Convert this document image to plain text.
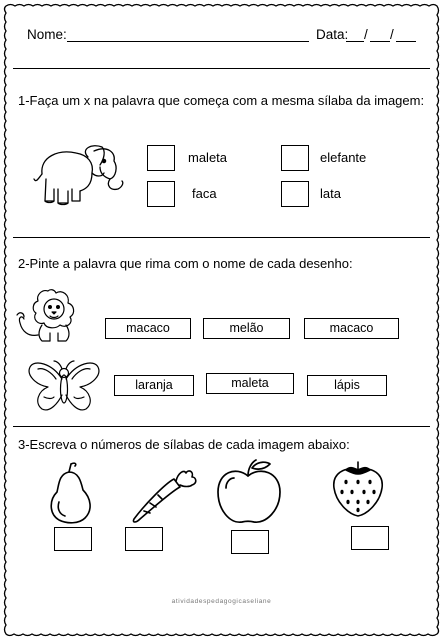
Nome:	Data: / /
1-Faça um x na palavra que começa com a mesma sílaba da imagem:
maleta	elefante
faca	lata
2-Pinte a palavra que rima com o nome de cada desenho:
macaco	melão	macaco
laranja	maleta	lápis
3-Escreva o números de sílabas de cada imagem abaixo:
atividadespedagogicaseliane
